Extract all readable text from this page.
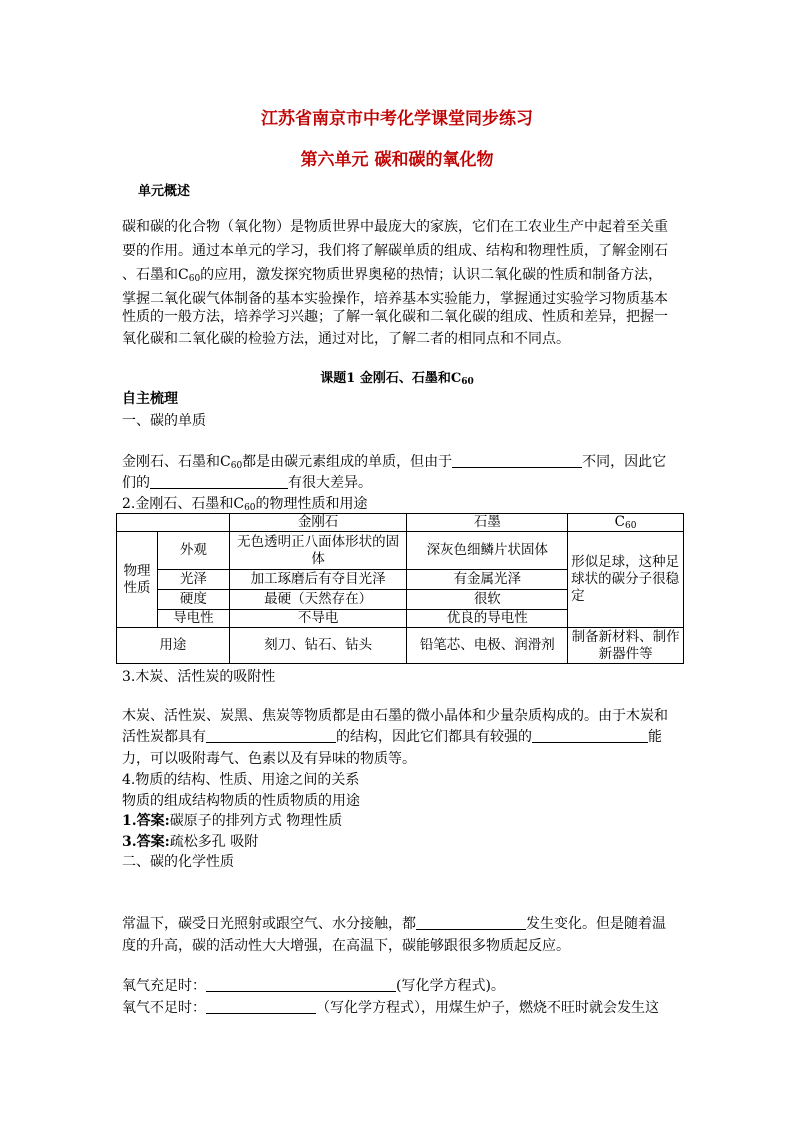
江苏省南京市中考化学课堂同步练习
第六单元 碳和碳的氧化物
单元概述
碳和碳的化合物（氧化物）是物质世界中最庞大的家族，它们在工农业生产中起着至关重
要的作用。通过本单元的学习，我们将了解碳单质的组成、结构和物理性质，了解金刚石
、石墨和$C_{60}$的应用，激发探究物质世界奥秘的热情；认识二氧化碳的性质和制备方法，
掌握二氧化碳气体制备的基本实验操作，培养基本实验能力，掌握通过实验学习物质基本
性质的一般方法，培养学习兴趣；了解一氧化碳和二氧化碳的组成、性质和差异，把握一
氧化碳和二氧化碳的检验方法，通过对比，了解二者的相同点和不同点。
课题1 金刚石、石墨和$C_{60}$
自主梳理
一、碳的单质
金刚石、石墨和$C_{60}$都是由碳元素组成的单质，但由于	不同，因此它
们的	有很大差异。
2.金刚石、石墨和$C_{60}$的物理性质和用途
		金刚石	石墨	$C_{60}$
物理性质	外观	无色透明正八面体形状的固体	深灰色细鳞片状固体	形似足球，这种足球状的碳分子很稳定
	光泽	加工琢磨后有夺目光泽	有金属光泽	
	硬度	最硬（天然存在）	很软	
	导电性	不导电	优良的导电性	
用途		刻刀、钻石、钻头	铅笔芯、电极、润滑剂	制备新材料、制作新器件等
3.木炭、活性炭的吸附性
木炭、活性炭、炭黑、焦炭等物质都是由石墨的微小晶体和少量杂质构成的。由于木炭和
活性炭都具有	的结构，因此它们都具有较强的	能
力，可以吸附毒气、色素以及有异味的物质等。
4.物质的结构、性质、用途之间的关系
物质的组成结构物质的性质物质的用途
1.答案:碳原子的排列方式 物理性质
3.答案:疏松多孔 吸附
二、碳的化学性质
常温下，碳受日光照射或跟空气、水分接触，都	发生变化。但是随着温
度的升高，碳的活动性大大增强，在高温下，碳能够跟很多物质起反应。
氧气充足时：	(写化学方程式)。
氧气不足时：	（写化学方程式），用煤生炉子，燃烧不旺时就会发生这
